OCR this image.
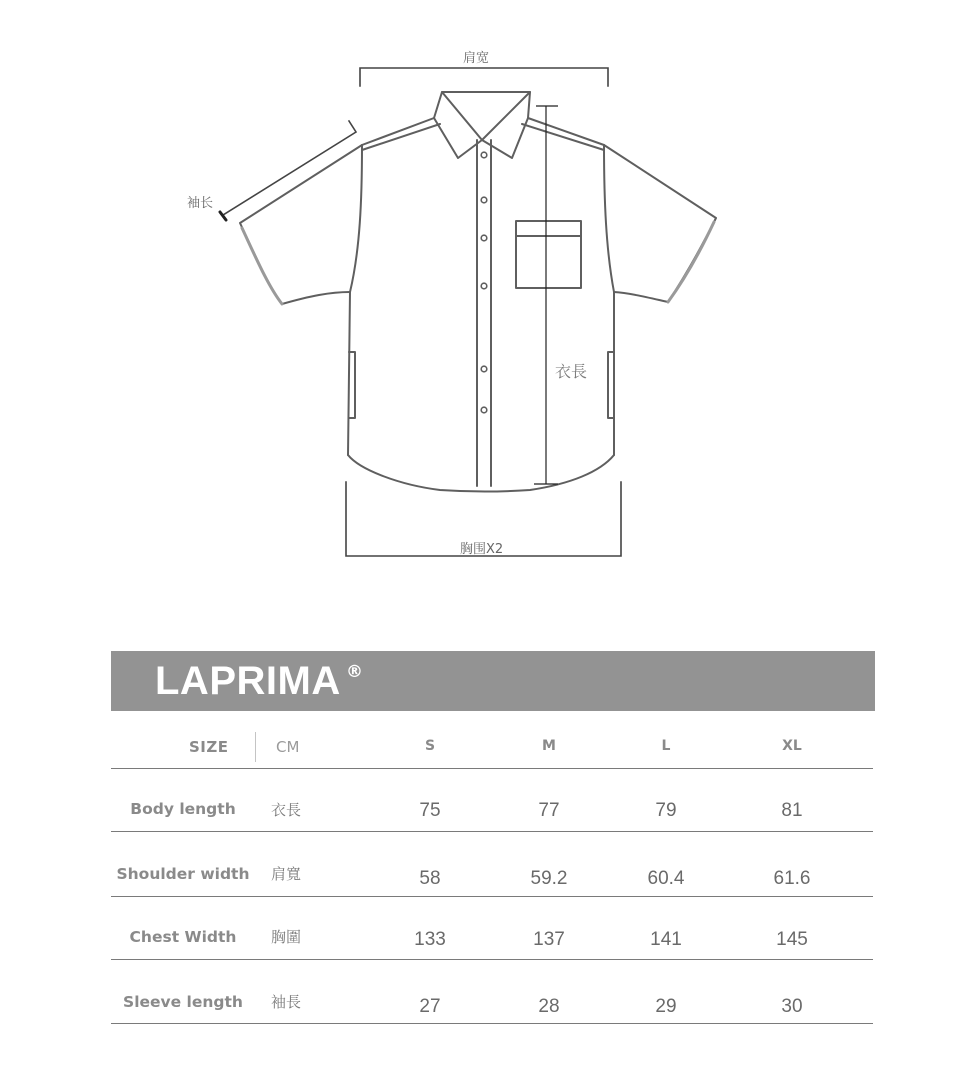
肩宽
袖长
衣長
胸围X2
LAPRIMA ®
SIZE	CM	S	M	L	XL
Body length	衣長	75	77	79	81
Shoulder width 肩寬	58	59.2	60.4	61.6
Chest Width	胸圍	133	137	141	145
Sleeve length	袖長	27	28	29	30
